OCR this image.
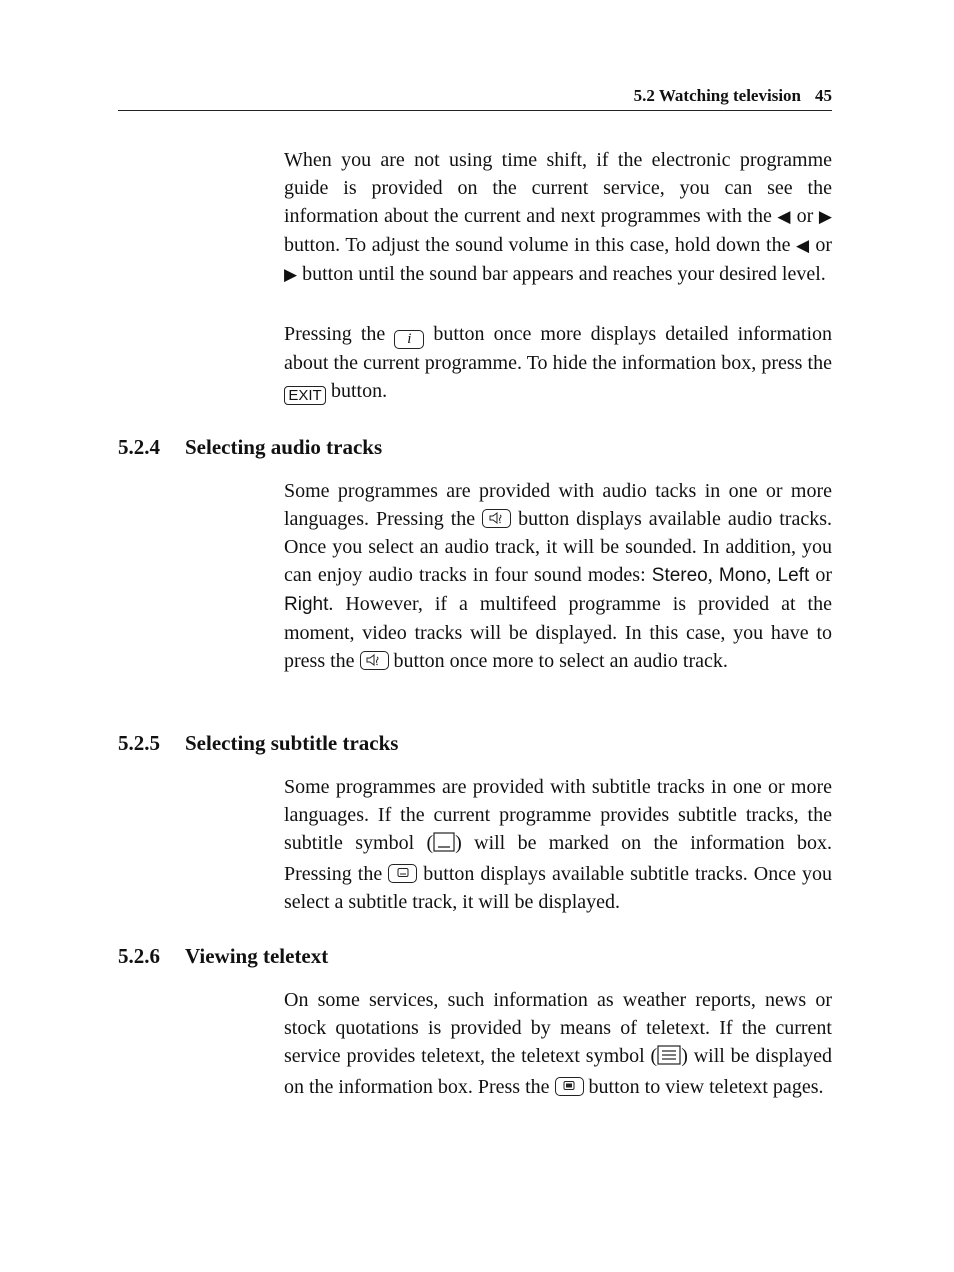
5.2 Watching television 45

When you are not using time shift, if the electronic programme guide is provided on the current service, you can see the information about the current and next programmes with the ◀ or ▶ button. To adjust the sound volume in this case, hold down the ◀ or ▶ button until the sound bar appears and reaches your desired level.

Pressing the i button once more displays detailed information about the current programme. To hide the information box, press the EXIT button.

5.2.4 Selecting audio tracks

Some programmes are provided with audio tacks in one or more languages. Pressing the
button displays available audio tracks. Once you select an audio track, it will be sounded. In addition, you can enjoy audio tracks in four sound modes: Stereo, Mono, Left or Right. However, if a multifeed programme is provided at the moment, video tracks will be displayed. In this case, you have to press the
button once more to select an audio track.

5.2.5 Selecting subtitle tracks

Some programmes are provided with subtitle tracks in one or more languages. If the current programme provides subtitle tracks, the subtitle symbol ( ) will be marked on the information box. Pressing the
button displays available subtitle tracks. Once you select a subtitle track, it will be displayed.

5.2.6 Viewing teletext

On some services, such information as weather reports, news or stock quotations is provided by means of teletext. If the current service provides teletext, the teletext symbol ( ) will be displayed on the information box. Press the
button to view teletext pages.
